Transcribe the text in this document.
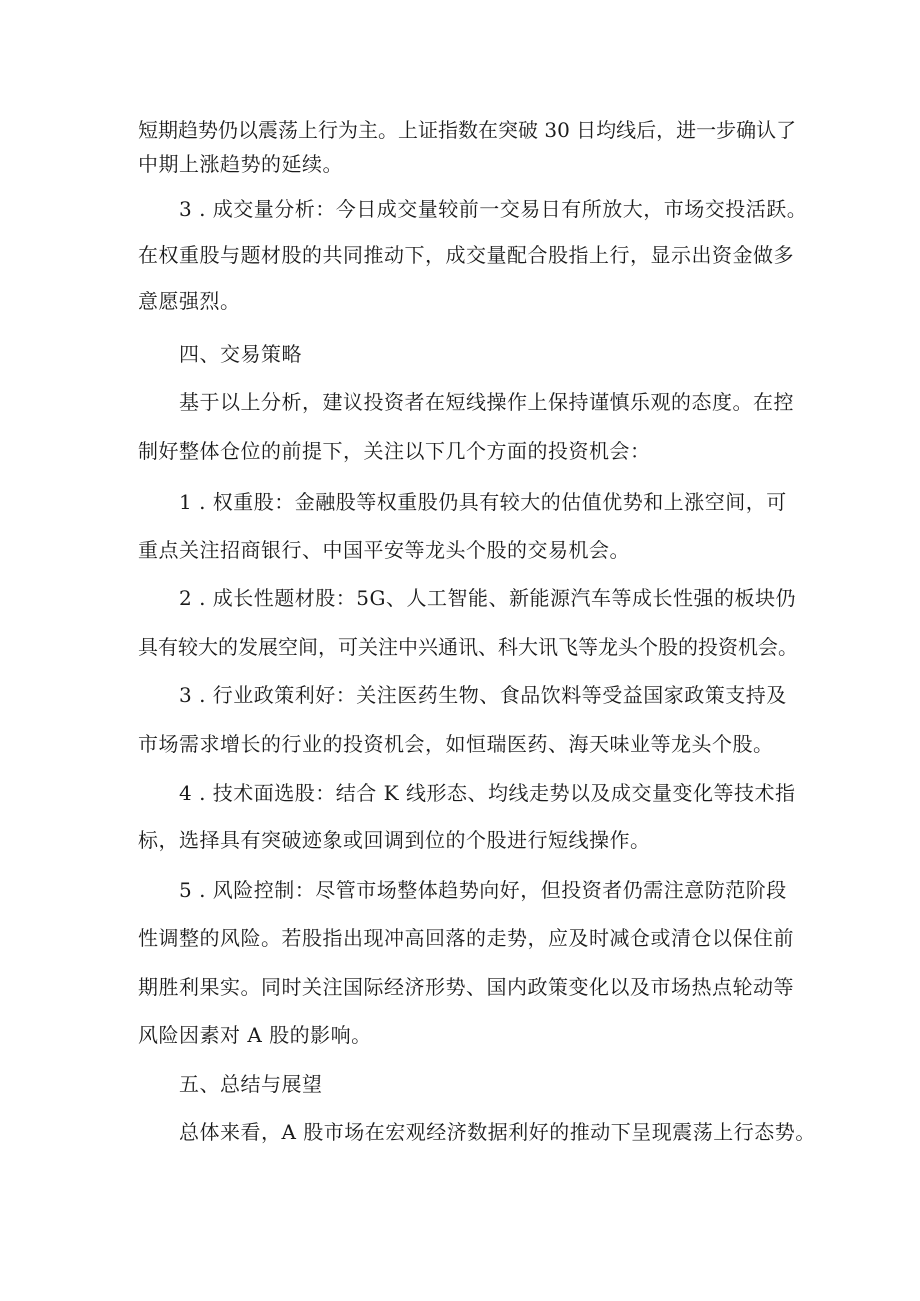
短期趋势仍以震荡上行为主。上证指数在突破 30 日均线后，进一步确认了
中期上涨趋势的延续。
3 . 成交量分析：今日成交量较前一交易日有所放大，市场交投活跃。
在权重股与题材股的共同推动下，成交量配合股指上行，显示出资金做多
意愿强烈。
四、交易策略
基于以上分析，建议投资者在短线操作上保持谨慎乐观的态度。在控
制好整体仓位的前提下，关注以下几个方面的投资机会：
1 . 权重股：金融股等权重股仍具有较大的估值优势和上涨空间，可
重点关注招商银行、中国平安等龙头个股的交易机会。
2 . 成长性题材股：5G、人工智能、新能源汽车等成长性强的板块仍
具有较大的发展空间，可关注中兴通讯、科大讯飞等龙头个股的投资机会。
3 . 行业政策利好：关注医药生物、食品饮料等受益国家政策支持及
市场需求增长的行业的投资机会，如恒瑞医药、海天味业等龙头个股。
4 . 技术面选股：结合 K 线形态、均线走势以及成交量变化等技术指
标，选择具有突破迹象或回调到位的个股进行短线操作。
5 . 风险控制：尽管市场整体趋势向好，但投资者仍需注意防范阶段
性调整的风险。若股指出现冲高回落的走势，应及时减仓或清仓以保住前
期胜利果实。同时关注国际经济形势、国内政策变化以及市场热点轮动等
风险因素对 A 股的影响。
五、总结与展望
总体来看，A 股市场在宏观经济数据利好的推动下呈现震荡上行态势。
